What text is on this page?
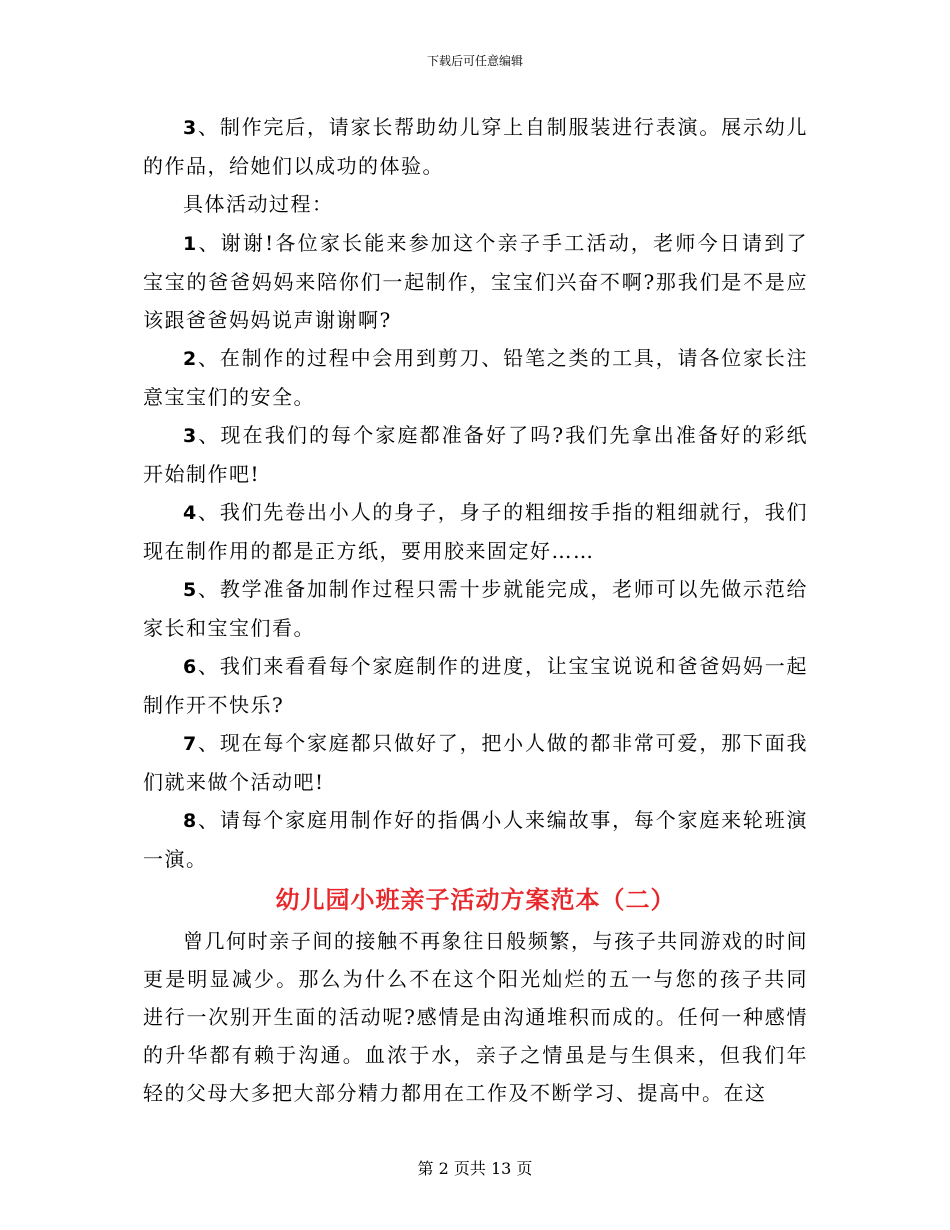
下载后可任意编辑

3、制作完后，请家长帮助幼儿穿上自制服装进行表演。展示幼儿的作品，给她们以成功的体验。

具体活动过程：

1、谢谢!各位家长能来参加这个亲子手工活动，老师今日请到了宝宝的爸爸妈妈来陪你们一起制作，宝宝们兴奋不啊?那我们是不是应该跟爸爸妈妈说声谢谢啊?

2、在制作的过程中会用到剪刀、铅笔之类的工具，请各位家长注意宝宝们的安全。

3、现在我们的每个家庭都准备好了吗?我们先拿出准备好的彩纸开始制作吧!

4、我们先卷出小人的身子，身子的粗细按手指的粗细就行，我们现在制作用的都是正方纸，要用胶来固定好……

5、教学准备加制作过程只需十步就能完成，老师可以先做示范给家长和宝宝们看。

6、我们来看看每个家庭制作的进度，让宝宝说说和爸爸妈妈一起制作开不快乐?

7、现在每个家庭都只做好了，把小人做的都非常可爱，那下面我们就来做个活动吧!

8、请每个家庭用制作好的指偶小人来编故事，每个家庭来轮班演一演。

幼儿园小班亲子活动方案范本（二）

曾几何时亲子间的接触不再象往日般频繁，与孩子共同游戏的时间更是明显减少。那么为什么不在这个阳光灿烂的五一与您的孩子共同进行一次别开生面的活动呢?感情是由沟通堆积而成的。任何一种感情的升华都有赖于沟通。血浓于水，亲子之情虽是与生俱来，但我们年轻的父母大多把大部分精力都用在工作及不断学习、提高中。在这

第 2 页共 13 页
